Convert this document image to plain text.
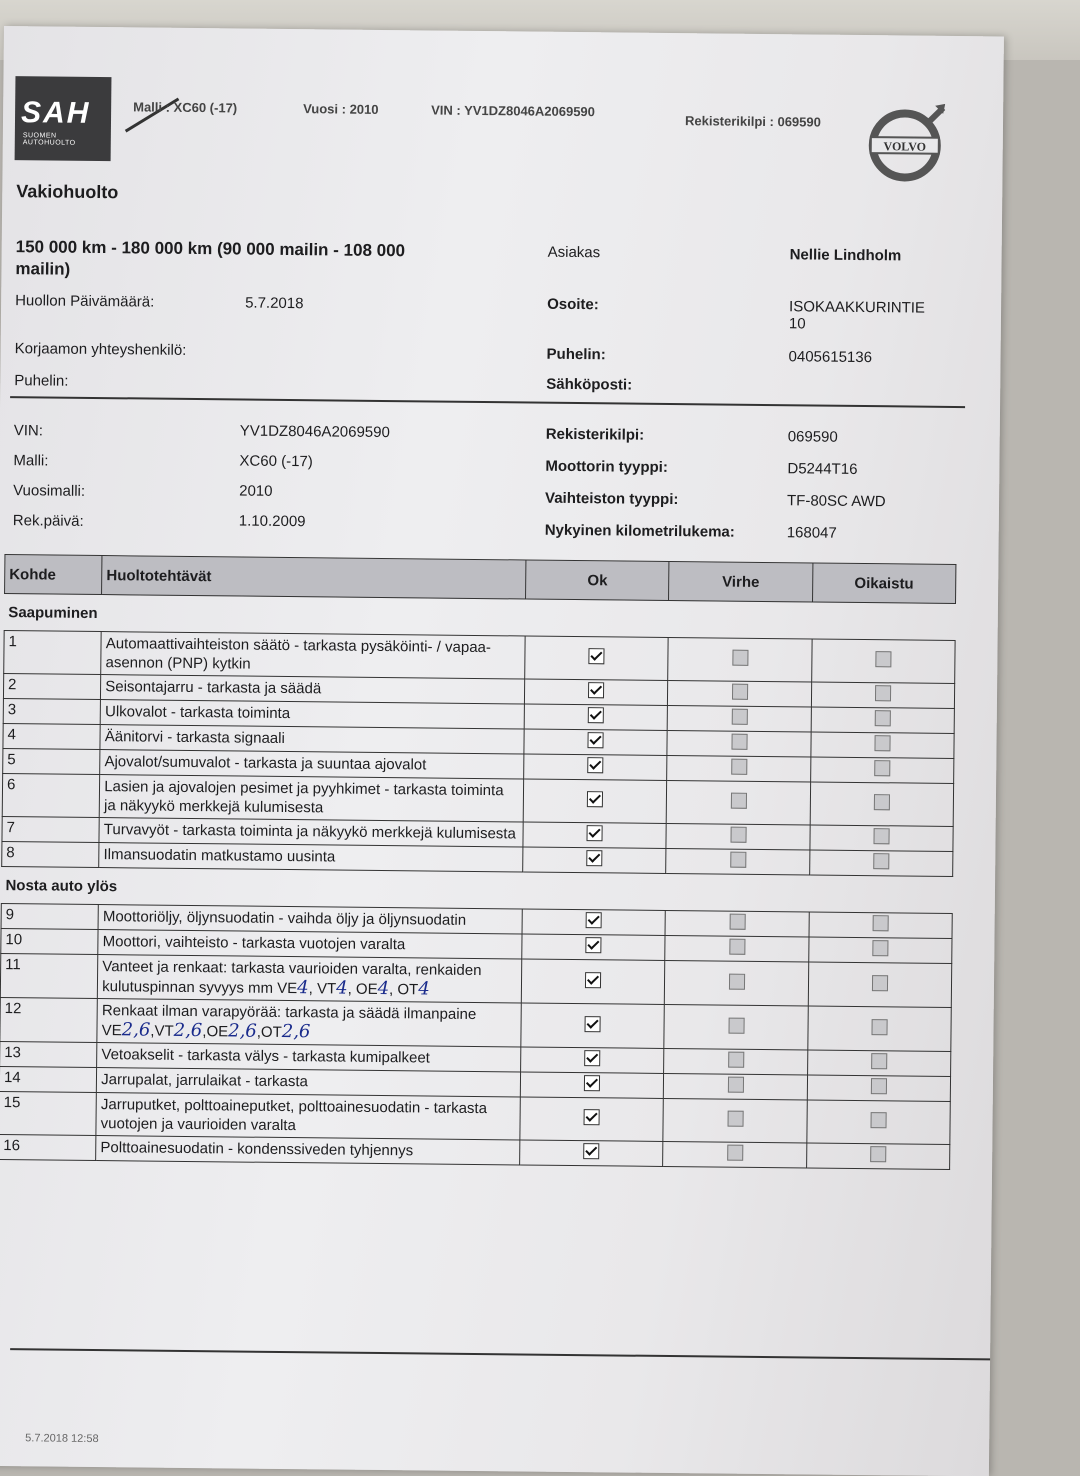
SAH
SUOMEN AUTOHUOLTO
Malli : XC60 (-17)	Vuosi : 2010	VIN : YV1DZ8046A2069590
Rekisterikilpi : 069590
VOLVO
Vakiohuolto
150 000 km - 180 000 km (90 000 mailin - 108 000 mailin)
Huollon Päivämäärä:	5.7.2018
Korjaamon yhteyshenkilö:
Puhelin:
Asiakas	Nellie Lindholm
Osoite:	ISOKAAKKURINTIE 10
Puhelin:	0405615136
Sähköposti:
VIN:	YV1DZ8046A2069590
Malli:	XC60 (-17)
Vuosimalli:	2010
Rek.päivä:	1.10.2009
Rekisterikilpi:	069590
Moottorin tyyppi:	D5244T16
Vaihteiston tyyppi:	TF-80SC AWD
Nykyinen kilometrilukema:	168047
Kohde	Huoltotehtävät	Ok	Virhe	Oikaistu
Saapuminen				
1	Automaattivaihteiston säätö - tarkasta pysäköinti- / vapaa-asennon (PNP) kytkin			
2	Seisontajarru - tarkasta ja säädä			
3	Ulkovalot - tarkasta toiminta			
4	Äänitorvi - tarkasta signaali			
5	Ajovalot/sumuvalot - tarkasta ja suuntaa ajovalot			
6	Lasien ja ajovalojen pesimet ja pyyhkimet - tarkasta toiminta ja näkyykö merkkejä kulumisesta			
7	Turvavyöt - tarkasta toiminta ja näkyykö merkkejä kulumisesta			
8	Ilmansuodatin matkustamo uusinta			
Nosta auto ylös				
9	Moottoriöljy, öljynsuodatin - vaihda öljy ja öljynsuodatin			
10	Moottori, vaihteisto - tarkasta vuotojen varalta			
11	Vanteet ja renkaat: tarkasta vaurioiden varalta, renkaiden kulutuspinnan syvyys mm VE4, VT4, OE4, OT4			
12	Renkaat ilman varapyörää: tarkasta ja säädä ilmanpaine
VE2,6,VT2,6,OE2,6,OT2,6			
13	Vetoakselit - tarkasta välys - tarkasta kumipalkeet			
14	Jarrupalat, jarrulaikat - tarkasta			
15	Jarruputket, polttoaineputket, polttoainesuodatin - tarkasta vuotojen ja vaurioiden varalta			
16	Polttoainesuodatin - kondenssiveden tyhjennys			
5.7.2018 12:58
